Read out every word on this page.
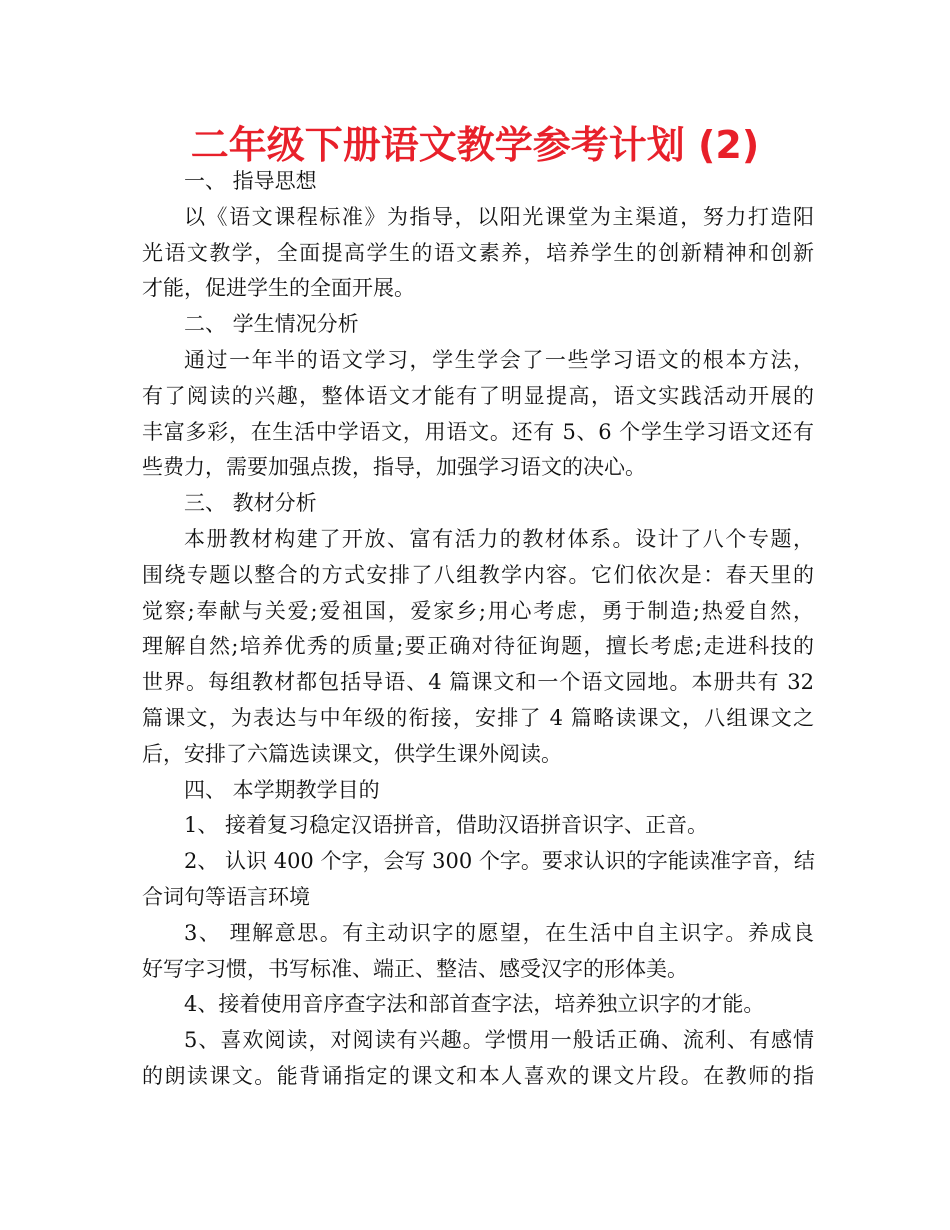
二年级下册语文教学参考计划 (2)
一、 指导思想
以《语文课程标准》为指导，以阳光课堂为主渠道，努力打造阳
光语文教学，全面提高学生的语文素养，培养学生的创新精神和创新
才能，促进学生的全面开展。
二、 学生情况分析
通过一年半的语文学习，学生学会了一些学习语文的根本方法，
有了阅读的兴趣，整体语文才能有了明显提高，语文实践活动开展的
丰富多彩，在生活中学语文，用语文。还有 5、6 个学生学习语文还有
些费力，需要加强点拨，指导，加强学习语文的决心。
三、 教材分析
本册教材构建了开放、富有活力的教材体系。设计了八个专题，
围绕专题以整合的方式安排了八组教学内容。它们依次是：春天里的
觉察;奉献与关爱;爱祖国，爱家乡;用心考虑，勇于制造;热爱自然，
理解自然;培养优秀的质量;要正确对待征询题，擅长考虑;走进科技的
世界。每组教材都包括导语、4 篇课文和一个语文园地。本册共有 32
篇课文，为表达与中年级的衔接，安排了 4 篇略读课文，八组课文之
后，安排了六篇选读课文，供学生课外阅读。
四、 本学期教学目的
1、 接着复习稳定汉语拼音，借助汉语拼音识字、正音。
2、 认识 400 个字，会写 300 个字。要求认识的字能读准字音，结
合词句等语言环境
3、 理解意思。有主动识字的愿望，在生活中自主识字。养成良
好写字习惯，书写标准、端正、整洁、感受汉字的形体美。
4、接着使用音序查字法和部首查字法，培养独立识字的才能。
5、喜欢阅读，对阅读有兴趣。学惯用一般话正确、流利、有感情
的朗读课文。能背诵指定的课文和本人喜欢的课文片段。在教师的指
